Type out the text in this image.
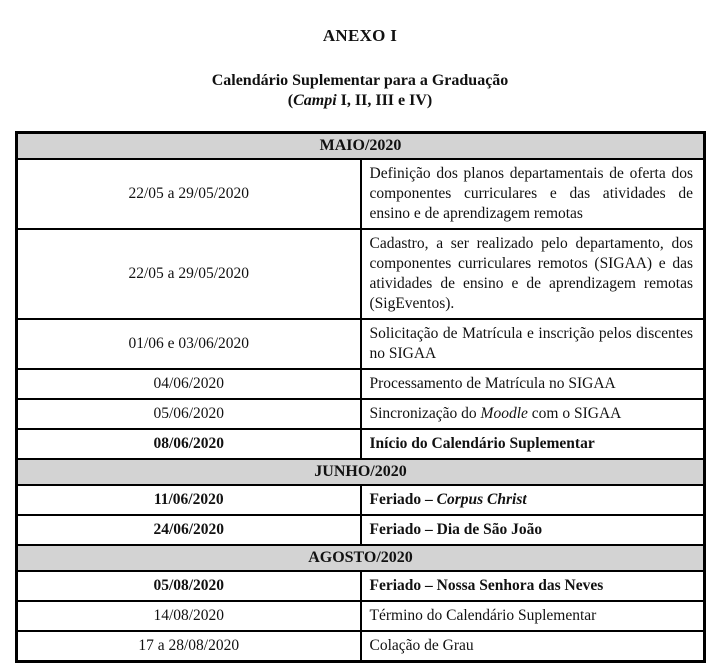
ANEXO I
Calendário Suplementar para a Graduação
(Campi I, II, III e IV)
MAIO/2020	
22/05 a 29/05/2020	Definição dos planos departamentais de oferta dos componentes curriculares e das atividades de ensino e de aprendizagem remotas
22/05 a 29/05/2020	Cadastro, a ser realizado pelo departamento, dos componentes curriculares remotos (SIGAA) e das atividades de ensino e de aprendizagem remotas (SigEventos).
01/06 e 03/06/2020	Solicitação de Matrícula e inscrição pelos discentes no SIGAA
04/06/2020	Processamento de Matrícula no SIGAA
05/06/2020	Sincronização do Moodle com o SIGAA
08/06/2020	Início do Calendário Suplementar
JUNHO/2020	
11/06/2020	Feriado – Corpus Christ
24/06/2020	Feriado – Dia de São João
AGOSTO/2020	
05/08/2020	Feriado – Nossa Senhora das Neves
14/08/2020	Término do Calendário Suplementar
17 a 28/08/2020	Colação de Grau
